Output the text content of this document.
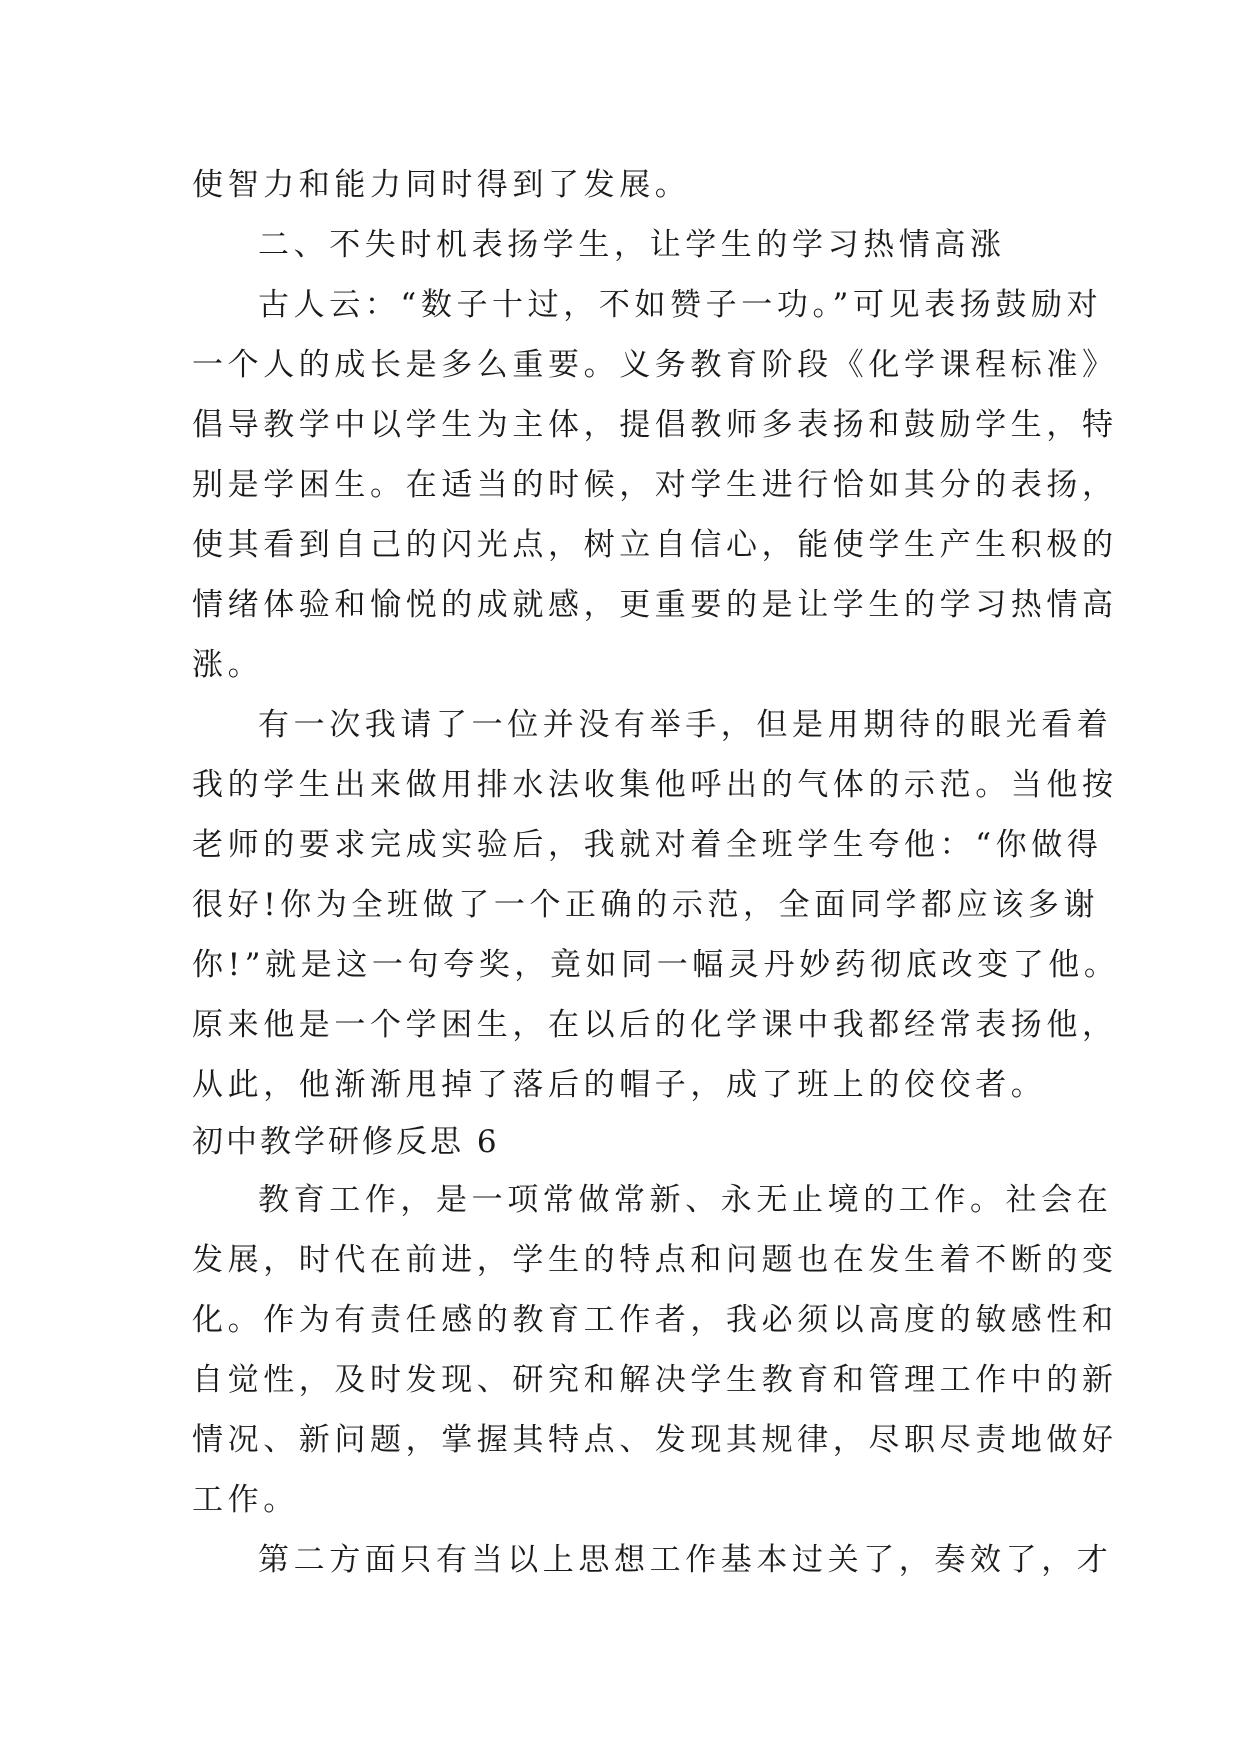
使智力和能力同时得到了发展。

二、不失时机表扬学生，让学生的学习热情高涨

古人云：“数子十过，不如赞子一功。”可见表扬鼓励对

一个人的成长是多么重要。义务教育阶段《化学课程标准》

倡导教学中以学生为主体，提倡教师多表扬和鼓励学生，特

别是学困生。在适当的时候，对学生进行恰如其分的表扬，

使其看到自己的闪光点，树立自信心，能使学生产生积极的

情绪体验和愉悦的成就感，更重要的是让学生的学习热情高

涨。

有一次我请了一位并没有举手，但是用期待的眼光看着

我的学生出来做用排水法收集他呼出的气体的示范。当他按

老师的要求完成实验后，我就对着全班学生夸他：“你做得

很好!你为全班做了一个正确的示范，全面同学都应该多谢

你!”就是这一句夸奖，竟如同一幅灵丹妙药彻底改变了他。

原来他是一个学困生，在以后的化学课中我都经常表扬他，

从此，他渐渐甩掉了落后的帽子，成了班上的佼佼者。

初中教学研修反思 6

教育工作，是一项常做常新、永无止境的工作。社会在

发展，时代在前进，学生的特点和问题也在发生着不断的变

化。作为有责任感的教育工作者，我必须以高度的敏感性和

自觉性，及时发现、研究和解决学生教育和管理工作中的新

情况、新问题，掌握其特点、发现其规律，尽职尽责地做好

工作。

第二方面只有当以上思想工作基本过关了，奏效了，才
